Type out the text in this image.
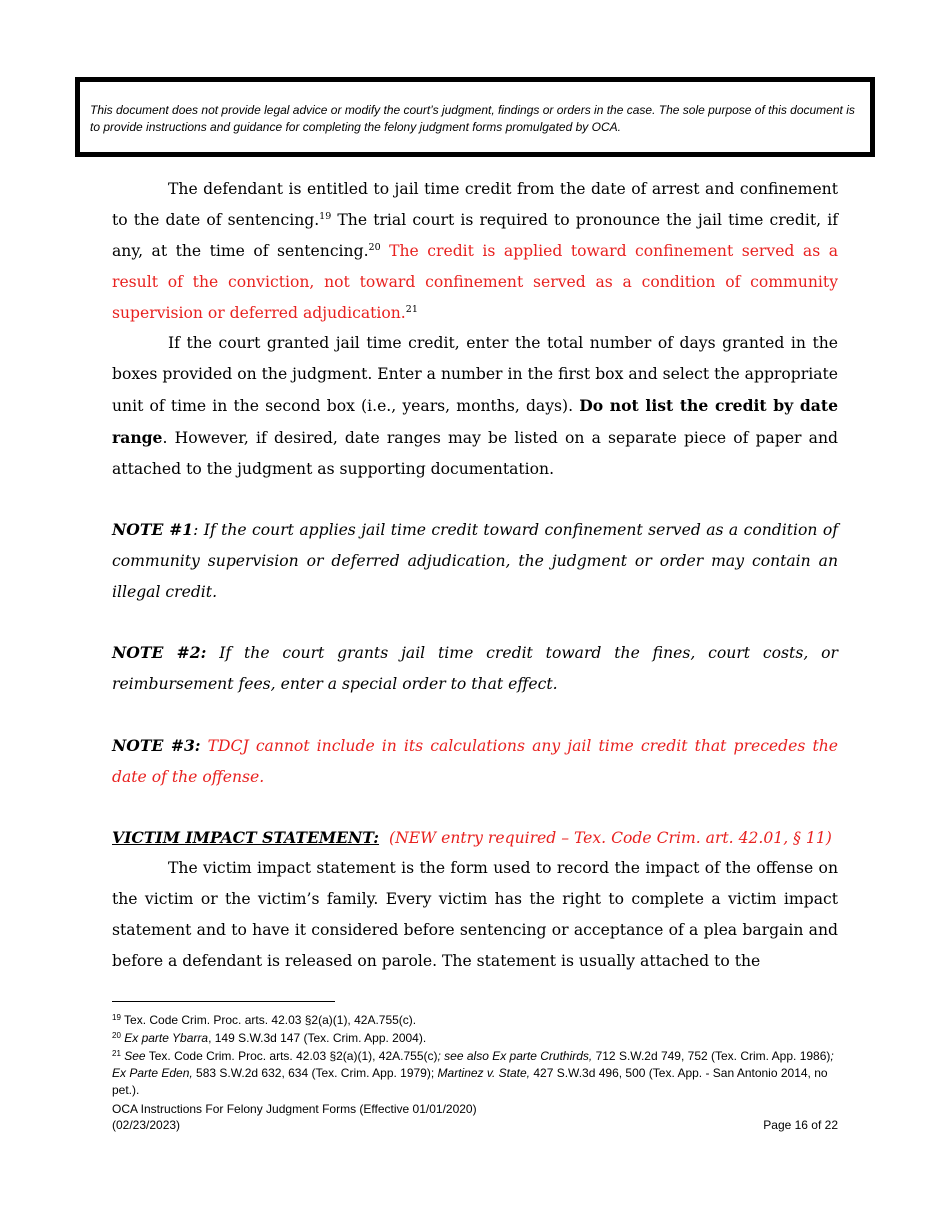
This document does not provide legal advice or modify the court’s judgment, findings or orders in the case. The sole purpose of this document is to provide instructions and guidance for completing the felony judgment forms promulgated by OCA.

The defendant is entitled to jail time credit from the date of arrest and confinement to the date of sentencing.$^{19}$ The trial court is required to pronounce the jail time credit, if any, at the time of sentencing.$^{20}$ The credit is applied toward confinement served as a result of the conviction, not toward confinement served as a condition of community supervision or deferred adjudication.$^{21}$

If the court granted jail time credit, enter the total number of days granted in the boxes provided on the judgment. Enter a number in the first box and select the appropriate unit of time in the second box (i.e., years, months, days). Do not list the credit by date range. However, if desired, date ranges may be listed on a separate piece of paper and attached to the judgment as supporting documentation.

NOTE #1: If the court applies jail time credit toward confinement served as a condition of community supervision or deferred adjudication, the judgment or order may contain an illegal credit.

NOTE #2: If the court grants jail time credit toward the fines, court costs, or reimbursement fees, enter a special order to that effect.

NOTE #3: TDCJ cannot include in its calculations any jail time credit that precedes the date of the offense.

VICTIM IMPACT STATEMENT: (NEW entry required – Tex. Code Crim. art. 42.01, § 11)

The victim impact statement is the form used to record the impact of the offense on the victim or the victim’s family. Every victim has the right to complete a victim impact statement and to have it considered before sentencing or acceptance of a plea bargain and before a defendant is released on parole. The statement is usually attached to the

$^{19}$ Tex. Code Crim. Proc. arts. 42.03 §2(a)(1), 42A.755(c).

$^{20}$ Ex parte Ybarra, 149 S.W.3d 147 (Tex. Crim. App. 2004).

$^{21}$ See Tex. Code Crim. Proc. arts. 42.03 §2(a)(1), 42A.755(c); see also Ex parte Cruthirds, 712 S.W.2d 749, 752 (Tex. Crim. App. 1986); Ex Parte Eden, 583 S.W.2d 632, 634 (Tex. Crim. App. 1979); Martinez v. State, 427 S.W.3d 496, 500 (Tex. App. - San Antonio 2014, no pet.).

OCA Instructions For Felony Judgment Forms (Effective 01/01/2020)
(02/23/2023)	Page 16 of 22
